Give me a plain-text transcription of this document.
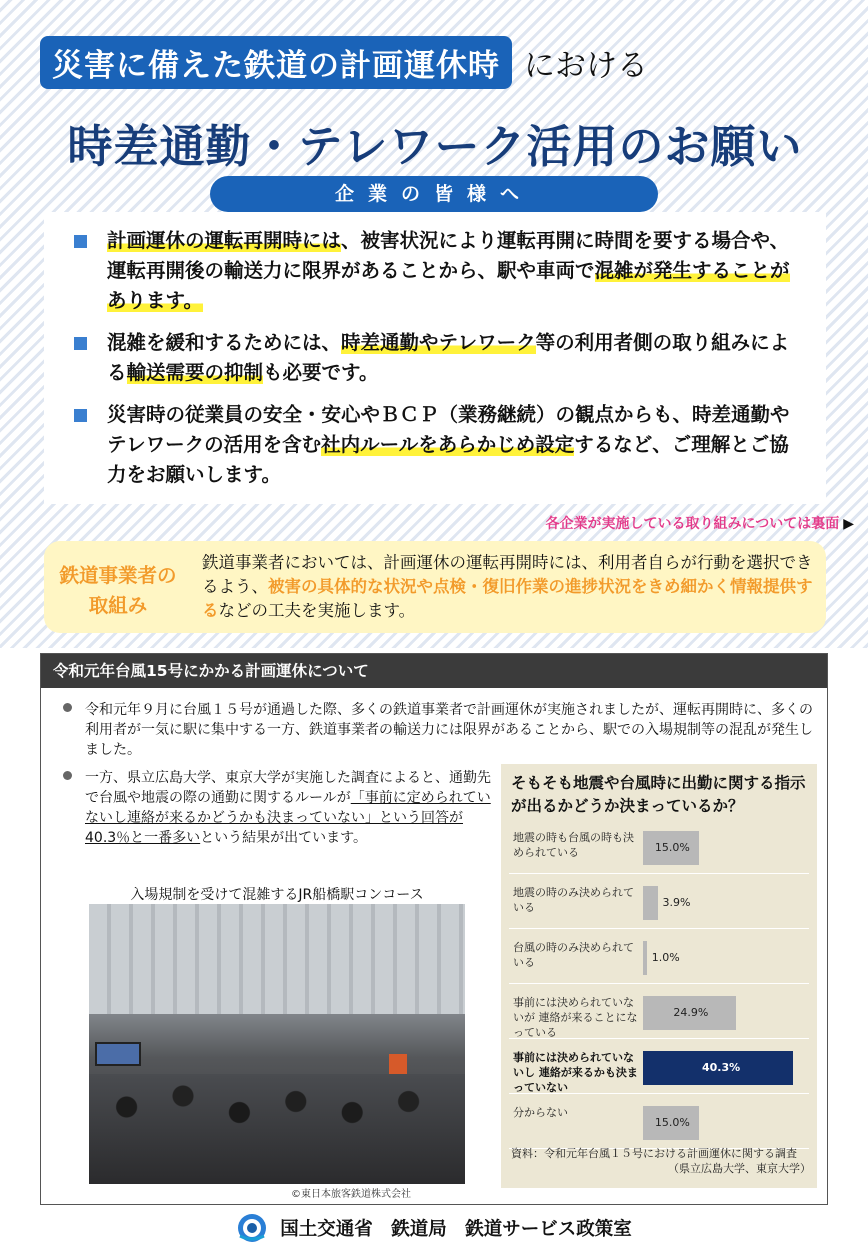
災害に備えた鉄道の計画運休時 における
時差通勤・テレワーク活用のお願い
企業の皆様へ
計画運休の運転再開時には、被害状況により運転再開に時間を要する場合や、運転再開後の輸送力に限界があることから、駅や車両で混雑が発生することがあります。
混雑を緩和するためには、時差通勤やテレワーク等の利用者側の取り組みによる輸送需要の抑制も必要です。
災害時の従業員の安全・安心やＢＣＰ（業務継続）の観点からも、時差通勤やテレワークの活用を含む社内ルールをあらかじめ設定するなど、ご理解とご協力をお願いします。
各企業が実施している取り組みについては裏面 ▶
鉄道事業者の取組み
鉄道事業者においては、計画運休の運転再開時には、利用者自らが行動を選択できるよう、被害の具体的な状況や点検・復旧作業の進捗状況をきめ細かく情報提供するなどの工夫を実施します。
令和元年台風15号にかかる計画運休について
令和元年９月に台風１５号が通過した際、多くの鉄道事業者で計画運休が実施されましたが、運転再開時に、多くの利用者が一気に駅に集中する一方、鉄道事業者の輸送力には限界があることから、駅での入場規制等の混乱が発生しました。
一方、県立広島大学、東京大学が実施した調査によると、通勤先で台風や地震の際の通勤に関するルールが「事前に定められていないし連絡が来るかどうかも決まっていない」という回答が40.3％と一番多いという結果が出ています。
入場規制を受けて混雑するJR船橋駅コンコース
©東日本旅客鉄道株式会社
そもそも地震や台風時に出勤に関する指示が出るかどうか決まっているか？
地震の時も台風の時も決められている	15.0%
地震の時のみ決められている	3.9%
台風の時のみ決められている	1.0%
事前には決められていないが 連絡が来ることになっている
24.9%
事前には決められていないし 連絡が来るかも決まっていない
40.3%
分からない
15.0%
資料：令和元年台風１５号における計画運休に関する調査
（県立広島大学、東京大学）
国土交通省　鉄道局　鉄道サービス政策室
